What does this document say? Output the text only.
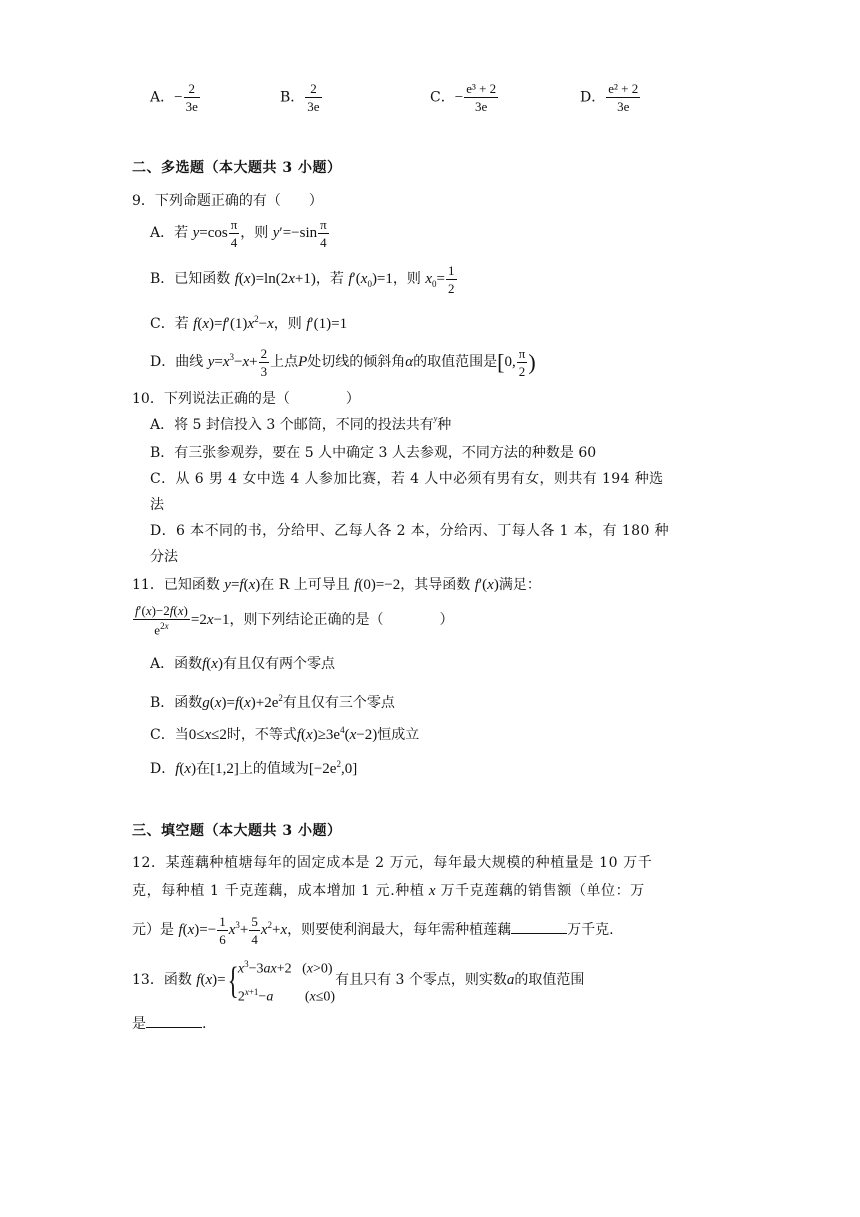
A．− $\frac{2}{3e}$	B． $\frac{2}{3e}$	C．− $\frac{\text{e³ + 2}}{3e}$	D． $\frac{\text{e² + 2}}{3e}$
二、多选题（本大题共 3 小题）
9．下列命题正确的有（　　）
A．若 $y=\cos \frac{\pi}{4}$ ，则 $y'=-\sin \frac{\pi}{4}$
B．已知函数 f(x)=ln(2x+1)，若 $f'(x_0)=1$，则 $x_0= \frac{1}{2}$
C．若 $f(x)=f'(1)x^2-x$，则 f′(1)=1
D．曲线 $y=x^3-x+ \frac{2}{3}$ 上点P处切线的倾斜角α的取值范围是[0, $\frac{\pi}{2}$ )
10．下列说法正确的是（　　　　）
A．将 5 封信投入 3 个邮筒，不同的投法共有$^y$种
B．有三张参观券，要在 5 人中确定 3 人去参观，不同方法的种数是 60
C．从 6 男 4 女中选 4 人参加比赛，若 4 人中必须有男有女，则共有 194 种选
法
D．6 本不同的书，分给甲、乙每人各 2 本，分给丙、丁每人各 1 本，有 180 种
分法
11．已知函数 y=f(x)在 R 上可导且 f(0)=−2，其导函数 f′(x)满足：
$\frac{f'(x)-2f(x)}{e^{2x}} =2x-1$，则下列结论正确的是（　　　　）
A．函数f(x)有且仅有两个零点
B．函数$g(x)=f(x)+2e^2$有且仅有三个零点
C．当0≤x≤2时，不等式$f(x)\ge 3e^4(x-2)$恒成立
D．f(x)在[1,2]上的值域为$[-2e^2,0]$
三、填空题（本大题共 3 小题）
12．某莲藕种植塘每年的固定成本是 2 万元，每年最大规模的种植量是 10 万千
克，每种植 1 千克莲藕，成本增加 1 元.种植 x 万千克莲藕的销售额（单位：万
元）是 $f(x)=- \frac{1}{6} x^3+ \frac{5}{4} x^2+x$，则要使利润最大，每年需种植莲藕	万千克.
13．函数 f(x)={ $x^3-3ax+2$   (x>0)
$2^{x+1}-a$         (x≤0)
有且只有 3 个零点，则实数a的取值范围
是	.
